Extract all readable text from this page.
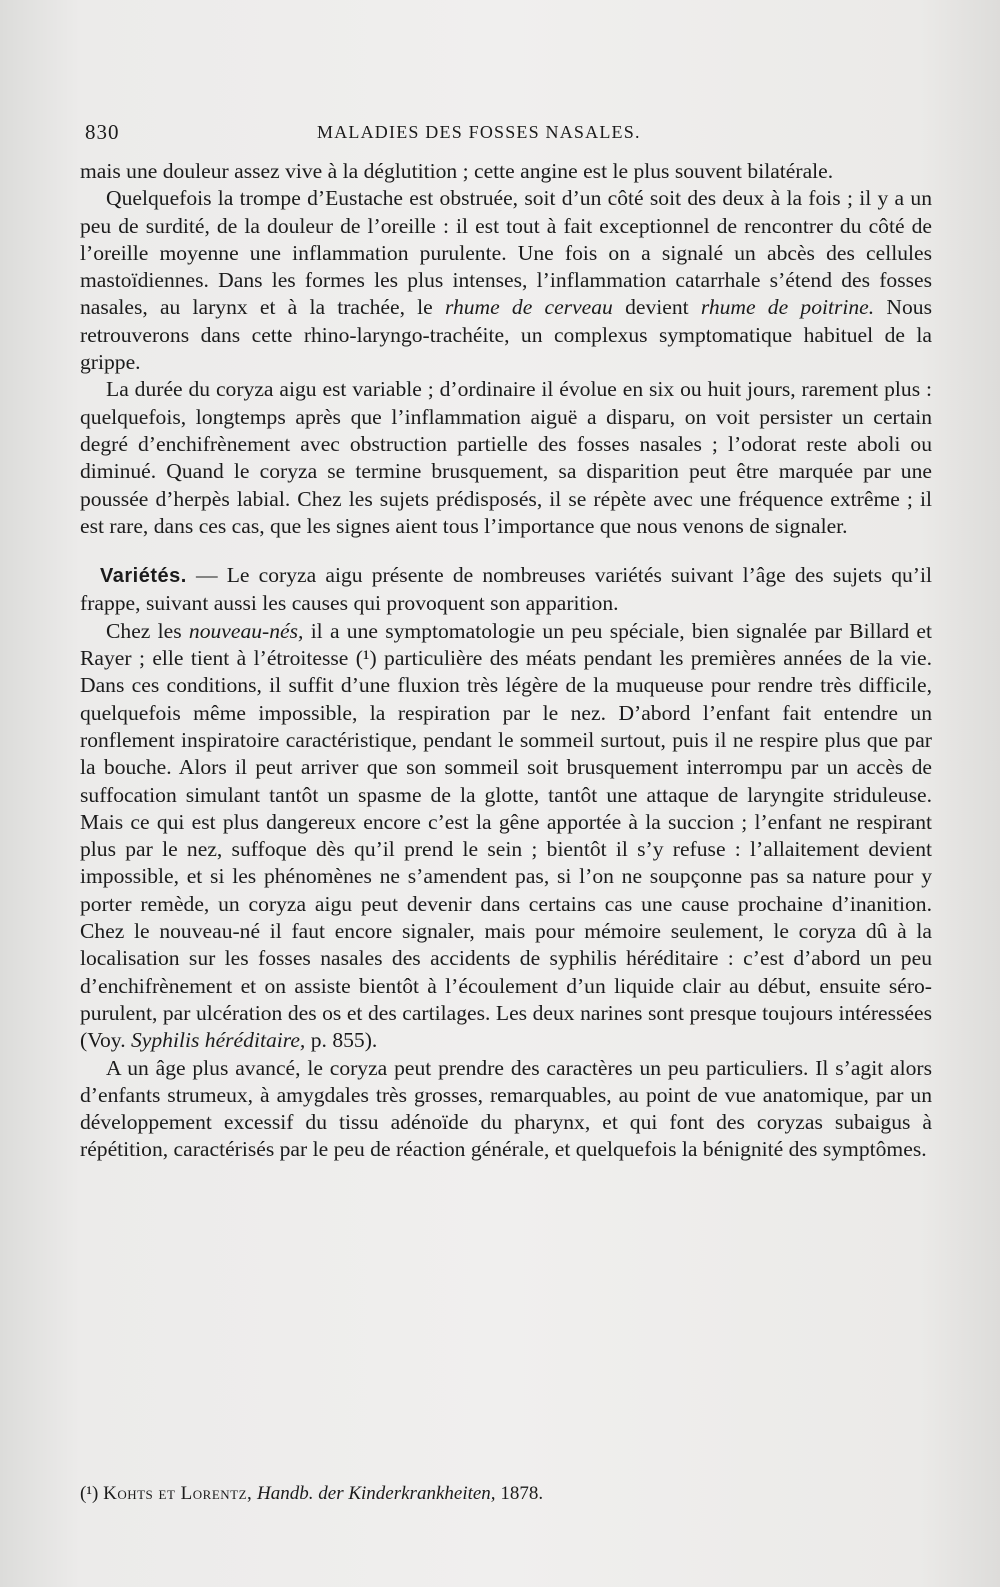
830	MALADIES DES FOSSES NASALES.

mais une douleur assez vive à la déglutition ; cette angine est le plus souvent bilatérale.

Quelquefois la trompe d’Eustache est obstruée, soit d’un côté soit des deux à la fois ; il y a un peu de surdité, de la douleur de l’oreille : il est tout à fait exceptionnel de rencontrer du côté de l’oreille moyenne une inflammation purulente. Une fois on a signalé un abcès des cellules mastoïdiennes. Dans les formes les plus intenses, l’inflammation catarrhale s’étend des fosses nasales, au larynx et à la trachée, le rhume de cerveau devient rhume de poitrine. Nous retrouverons dans cette rhino-laryngo-trachéite, un complexus symptomatique habituel de la grippe.

La durée du coryza aigu est variable ; d’ordinaire il évolue en six ou huit jours, rarement plus : quelquefois, longtemps après que l’inflammation aiguë a disparu, on voit persister un certain degré d’enchifrènement avec obstruction partielle des fosses nasales ; l’odorat reste aboli ou diminué. Quand le coryza se termine brusquement, sa disparition peut être marquée par une poussée d’herpès labial. Chez les sujets prédisposés, il se répète avec une fréquence extrême ; il est rare, dans ces cas, que les signes aient tous l’importance que nous venons de signaler.

Variétés. — Le coryza aigu présente de nombreuses variétés suivant l’âge des sujets qu’il frappe, suivant aussi les causes qui provoquent son apparition.

Chez les nouveau-nés, il a une symptomatologie un peu spéciale, bien signalée par Billard et Rayer ; elle tient à l’étroitesse (¹) particulière des méats pendant les premières années de la vie. Dans ces conditions, il suffit d’une fluxion très légère de la muqueuse pour rendre très difficile, quelquefois même impossible, la respiration par le nez. D’abord l’enfant fait entendre un ronflement inspiratoire caractéristique, pendant le sommeil surtout, puis il ne respire plus que par la bouche. Alors il peut arriver que son sommeil soit brusquement interrompu par un accès de suffocation simulant tantôt un spasme de la glotte, tantôt une attaque de laryngite striduleuse. Mais ce qui est plus dangereux encore c’est la gêne apportée à la succion ; l’enfant ne respirant plus par le nez, suffoque dès qu’il prend le sein ; bientôt il s’y refuse : l’allaitement devient impossible, et si les phénomènes ne s’amendent pas, si l’on ne soupçonne pas sa nature pour y porter remède, un coryza aigu peut devenir dans certains cas une cause prochaine d’inanition. Chez le nouveau-né il faut encore signaler, mais pour mémoire seulement, le coryza dû à la localisation sur les fosses nasales des accidents de syphilis héréditaire : c’est d’abord un peu d’enchifrènement et on assiste bientôt à l’écoulement d’un liquide clair au début, ensuite séro-purulent, par ulcération des os et des cartilages. Les deux narines sont presque toujours intéressées (Voy. Syphilis héréditaire, p. 855).

A un âge plus avancé, le coryza peut prendre des caractères un peu particuliers. Il s’agit alors d’enfants strumeux, à amygdales très grosses, remarquables, au point de vue anatomique, par un développement excessif du tissu adénoïde du pharynx, et qui font des coryzas subaigus à répétition, caractérisés par le peu de réaction générale, et quelquefois la bénignité des symptômes.

(¹) Kohts et Lorentz, Handb. der Kinderkrankheiten, 1878.
